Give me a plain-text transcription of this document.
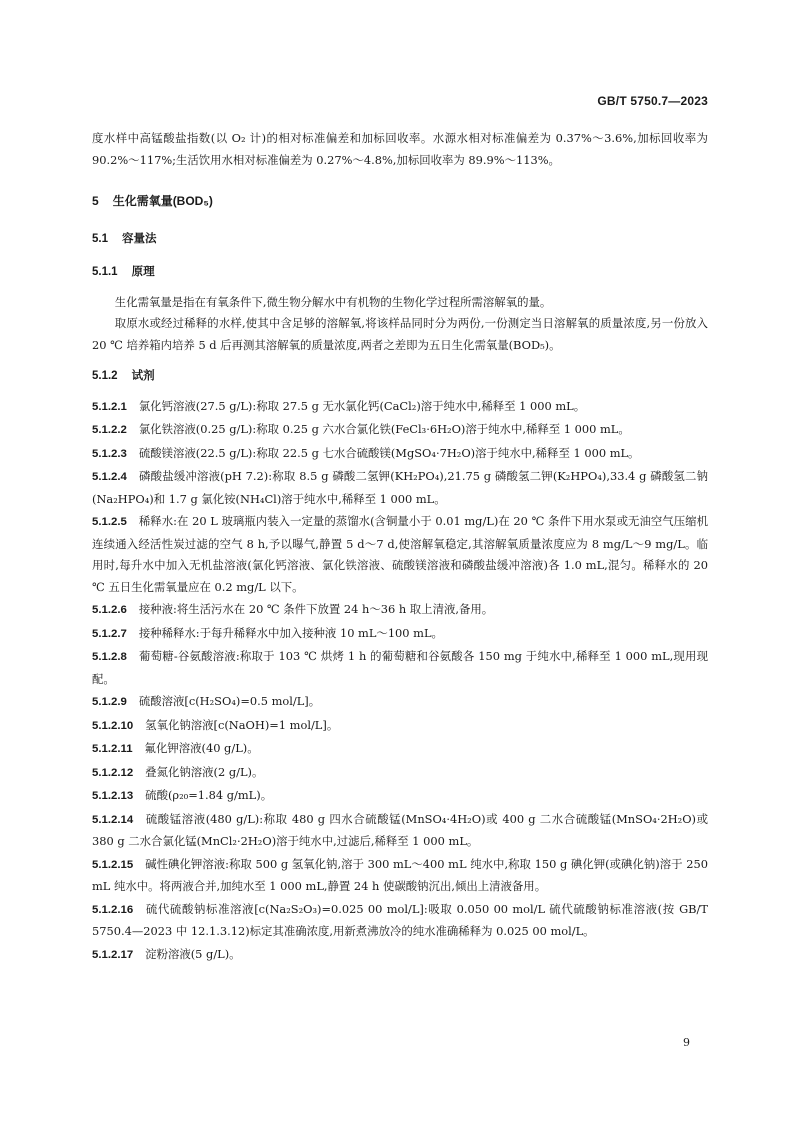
GB/T 5750.7—2023

度水样中高锰酸盐指数(以 O₂ 计)的相对标准偏差和加标回收率。水源水相对标准偏差为 0.37%～3.6%,加标回收率为 90.2%～117%;生活饮用水相对标准偏差为 0.27%～4.8%,加标回收率为 89.9%～113%。

5 生化需氧量(BOD₅)
5.1 容量法
5.1.1 原理

生化需氧量是指在有氧条件下,微生物分解水中有机物的生物化学过程所需溶解氧的量。

取原水或经过稀释的水样,使其中含足够的溶解氧,将该样品同时分为两份,一份测定当日溶解氧的质量浓度,另一份放入 20 ℃ 培养箱内培养 5 d 后再测其溶解氧的质量浓度,两者之差即为五日生化需氧量(BOD₅)。

5.1.2 试剂

5.1.2.1 氯化钙溶液(27.5 g/L):称取 27.5 g 无水氯化钙(CaCl₂)溶于纯水中,稀释至 1 000 mL。

5.1.2.2 氯化铁溶液(0.25 g/L):称取 0.25 g 六水合氯化铁(FeCl₃·6H₂O)溶于纯水中,稀释至 1 000 mL。

5.1.2.3 硫酸镁溶液(22.5 g/L):称取 22.5 g 七水合硫酸镁(MgSO₄·7H₂O)溶于纯水中,稀释至 1 000 mL。

5.1.2.4 磷酸盐缓冲溶液(pH 7.2):称取 8.5 g 磷酸二氢钾(KH₂PO₄),21.75 g 磷酸氢二钾(K₂HPO₄),33.4 g 磷酸氢二钠(Na₂HPO₄)和 1.7 g 氯化铵(NH₄Cl)溶于纯水中,稀释至 1 000 mL。

5.1.2.5 稀释水:在 20 L 玻璃瓶内装入一定量的蒸馏水(含铜量小于 0.01 mg/L)在 20 ℃ 条件下用水泵或无油空气压缩机连续通入经活性炭过滤的空气 8 h,予以曝气,静置 5 d～7 d,使溶解氧稳定,其溶解氧质量浓度应为 8 mg/L～9 mg/L。临用时,每升水中加入无机盐溶液(氯化钙溶液、氯化铁溶液、硫酸镁溶液和磷酸盐缓冲溶液)各 1.0 mL,混匀。稀释水的 20 ℃ 五日生化需氧量应在 0.2 mg/L 以下。

5.1.2.6 接种液:将生活污水在 20 ℃ 条件下放置 24 h～36 h 取上清液,备用。

5.1.2.7 接种稀释水:于每升稀释水中加入接种液 10 mL～100 mL。

5.1.2.8 葡萄糖-谷氨酸溶液:称取于 103 ℃ 烘烤 1 h 的葡萄糖和谷氨酸各 150 mg 于纯水中,稀释至 1 000 mL,现用现配。

5.1.2.9 硫酸溶液[c(H₂SO₄)=0.5 mol/L]。

5.1.2.10 氢氧化钠溶液[c(NaOH)=1 mol/L]。

5.1.2.11 氟化钾溶液(40 g/L)。

5.1.2.12 叠氮化钠溶液(2 g/L)。

5.1.2.13 硫酸(ρ₂₀=1.84 g/mL)。

5.1.2.14 硫酸锰溶液(480 g/L):称取 480 g 四水合硫酸锰(MnSO₄·4H₂O)或 400 g 二水合硫酸锰(MnSO₄·2H₂O)或 380 g 二水合氯化锰(MnCl₂·2H₂O)溶于纯水中,过滤后,稀释至 1 000 mL。

5.1.2.15 碱性碘化钾溶液:称取 500 g 氢氧化钠,溶于 300 mL～400 mL 纯水中,称取 150 g 碘化钾(或碘化钠)溶于 250 mL 纯水中。将两液合并,加纯水至 1 000 mL,静置 24 h 使碳酸钠沉出,倾出上清液备用。

5.1.2.16 硫代硫酸钠标准溶液[c(Na₂S₂O₃)=0.025 00 mol/L]:吸取 0.050 00 mol/L 硫代硫酸钠标准溶液(按 GB/T 5750.4—2023 中 12.1.3.12)标定其准确浓度,用新煮沸放冷的纯水准确稀释为 0.025 00 mol/L。

5.1.2.17 淀粉溶液(5 g/L)。

9
